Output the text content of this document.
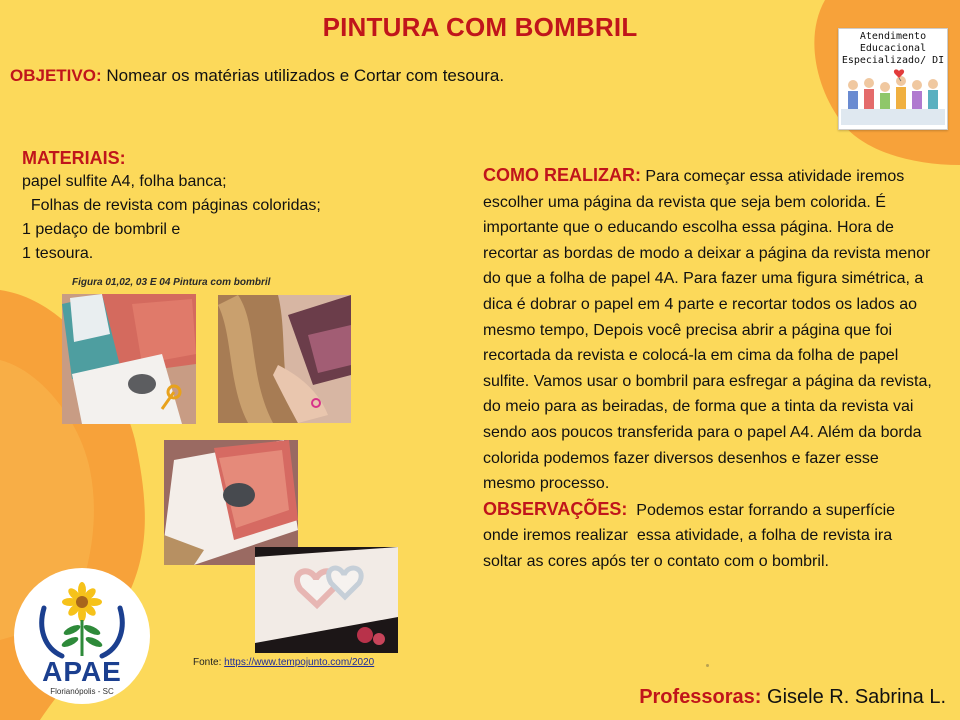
PINTURA COM BOMBRIL
OBJETIVO: Nomear os matérias utilizados e Cortar com tesoura.
MATERIAIS:
papel sulfite A4, folha banca;
Folhas de revista com páginas coloridas;
1 pedaço de bombril e
1 tesoura.
Figura 01,02, 03 E 04 Pintura com bombril
COMO REALIZAR: Para começar essa atividade iremos escolher uma página da revista que seja bem colorida. É importante que o educando escolha essa página. Hora de recortar as bordas de modo a deixar a página da revista menor do que a folha de papel 4A. Para fazer uma figura simétrica, a dica é dobrar o papel em 4 parte e recortar todos os lados ao mesmo tempo, Depois você precisa abrir a página que foi recortada da revista e colocá-la em cima da folha de papel sulfite. Vamos usar o bombril para esfregar a página da revista, do meio para as beiradas, de forma que a tinta da revista vai sendo aos poucos transferida para o papel A4. Além da borda colorida podemos fazer diversos desenhos e fazer esse mesmo processo.
OBSERVAÇÕES:  Podemos estar forrando a superfície onde iremos realizar  essa atividade, a folha de revista ira soltar as cores após ter o contato com o bombril.
Fonte: https://www.tempojunto.com/2020
Professoras: Gisele R. Sabrina L.
Atendimento
Educacional
Especializado/ DI
APAE
Florianópolis - SC
